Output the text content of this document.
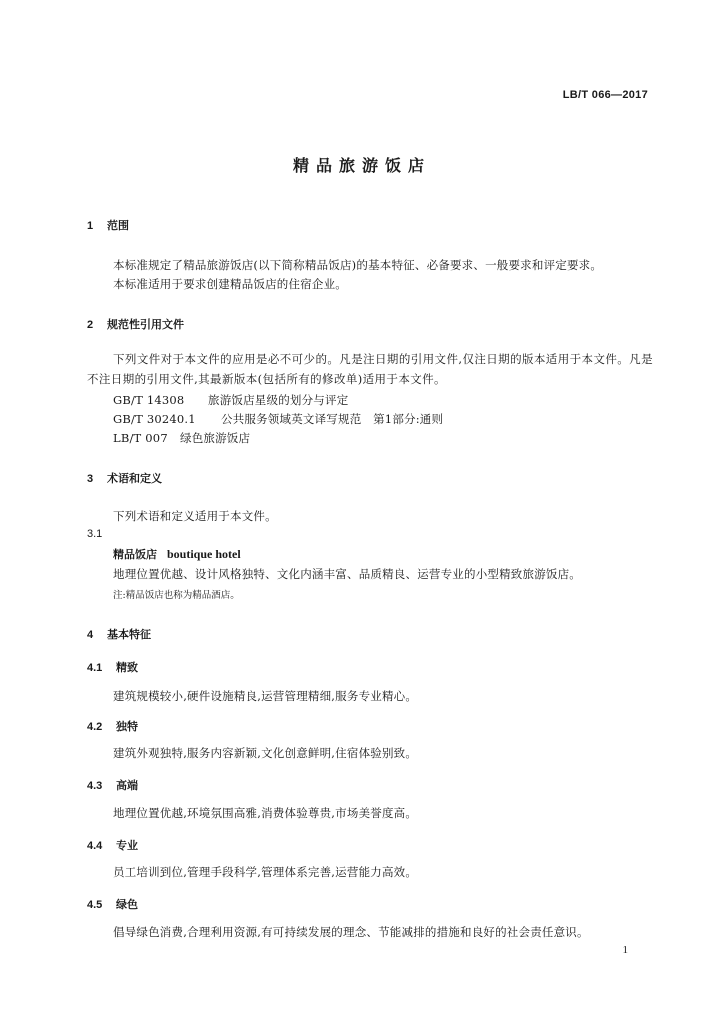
LB/T 066—2017
精品旅游饭店
1 范围

本标准规定了精品旅游饭店(以下简称精品饭店)的基本特征、必备要求、一般要求和评定要求。

本标准适用于要求创建精品饭店的住宿企业。

2 规范性引用文件

下列文件对于本文件的应用是必不可少的。凡是注日期的引用文件,仅注日期的版本适用于本文件。凡是不注日期的引用文件,其最新版本(包括所有的修改单)适用于本文件。

GB/T 14308 旅游饭店星级的划分与评定
GB/T 30240.1 公共服务领域英文译写规范　第1部分:通则
LB/T 007 绿色旅游饭店
3 术语和定义

下列术语和定义适用于本文件。

3.1
精品饭店 boutique hotel

地理位置优越、设计风格独特、文化内涵丰富、品质精良、运营专业的小型精致旅游饭店。

注:精品饭店也称为精品酒店。

4 基本特征
4.1 精致

建筑规模较小,硬件设施精良,运营管理精细,服务专业精心。

4.2 独特

建筑外观独特,服务内容新颖,文化创意鲜明,住宿体验别致。

4.3 高端

地理位置优越,环境氛围高雅,消费体验尊贵,市场美誉度高。

4.4 专业

员工培训到位,管理手段科学,管理体系完善,运营能力高效。

4.5 绿色

倡导绿色消费,合理利用资源,有可持续发展的理念、节能减排的措施和良好的社会责任意识。

1
